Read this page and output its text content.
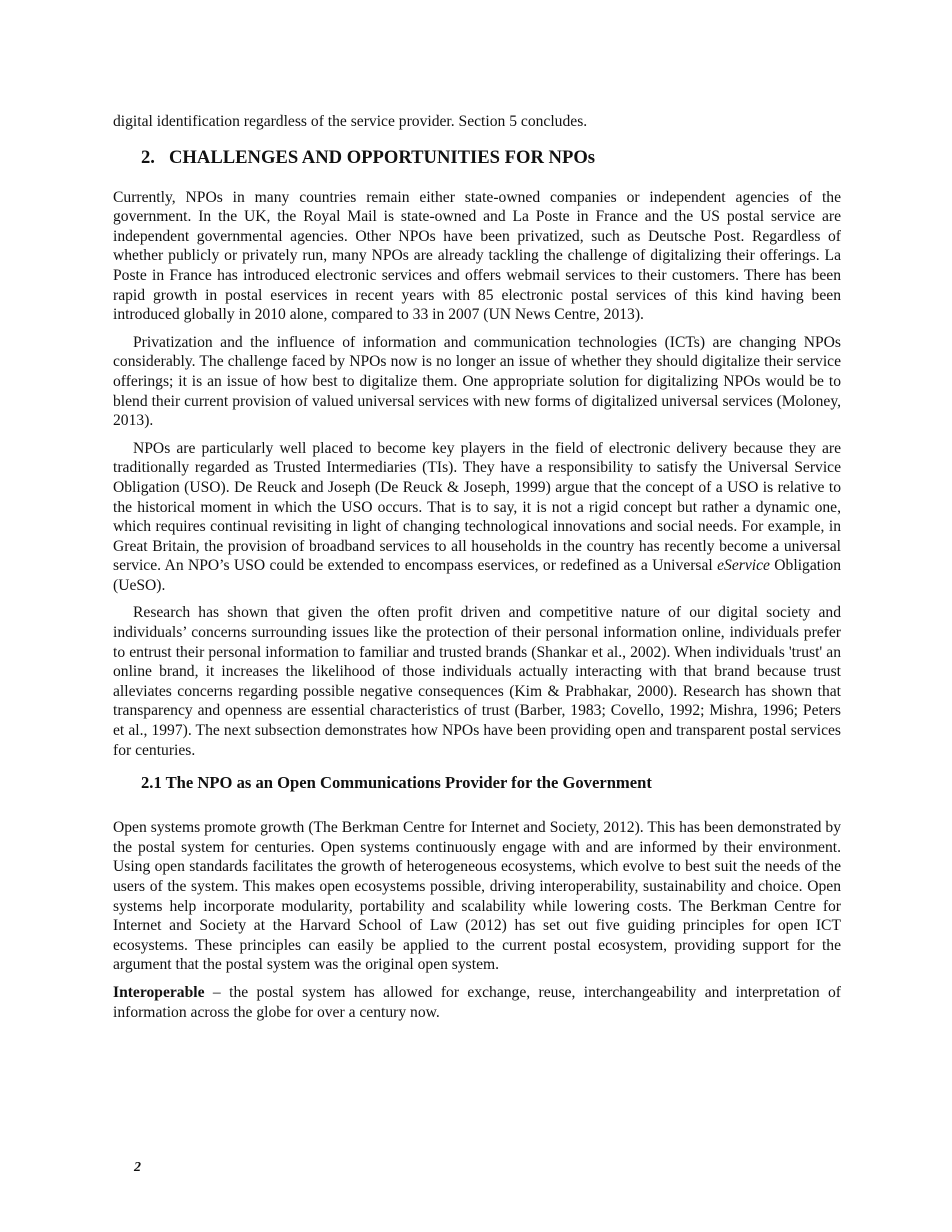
digital identification regardless of the service provider. Section 5 concludes.

2. CHALLENGES AND OPPORTUNITIES FOR NPOs

Currently, NPOs in many countries remain either state-owned companies or independent agencies of the government. In the UK, the Royal Mail is state-owned and La Poste in France and the US postal service are independent governmental agencies. Other NPOs have been privatized, such as Deutsche Post. Regardless of whether publicly or privately run, many NPOs are already tackling the challenge of digitalizing their offerings. La Poste in France has introduced electronic services and offers webmail services to their customers. There has been rapid growth in postal eservices in recent years with 85 electronic postal services of this kind having been introduced globally in 2010 alone, compared to 33 in 2007 (UN News Centre, 2013).

Privatization and the influence of information and communication technologies (ICTs) are changing NPOs considerably. The challenge faced by NPOs now is no longer an issue of whether they should digitalize their service offerings; it is an issue of how best to digitalize them. One appropriate solution for digitalizing NPOs would be to blend their current provision of valued universal services with new forms of digitalized universal services (Moloney, 2013).

NPOs are particularly well placed to become key players in the field of electronic delivery because they are traditionally regarded as Trusted Intermediaries (TIs). They have a responsibility to satisfy the Universal Service Obligation (USO). De Reuck and Joseph (De Reuck & Joseph, 1999) argue that the concept of a USO is relative to the historical moment in which the USO occurs. That is to say, it is not a rigid concept but rather a dynamic one, which requires continual revisiting in light of changing technological innovations and social needs. For example, in Great Britain, the provision of broadband services to all households in the country has recently become a universal service. An NPO’s USO could be extended to encompass eservices, or redefined as a Universal eService Obligation (UeSO).

Research has shown that given the often profit driven and competitive nature of our digital society and individuals’ concerns surrounding issues like the protection of their personal information online, individuals prefer to entrust their personal information to familiar and trusted brands (Shankar et al., 2002). When individuals 'trust' an online brand, it increases the likelihood of those individuals actually interacting with that brand because trust alleviates concerns regarding possible negative consequences (Kim & Prabhakar, 2000). Research has shown that transparency and openness are essential characteristics of trust (Barber, 1983; Covello, 1992; Mishra, 1996; Peters et al., 1997). The next subsection demonstrates how NPOs have been providing open and transparent postal services for centuries.

2.1 The NPO as an Open Communications Provider for the Government

Open systems promote growth (The Berkman Centre for Internet and Society, 2012). This has been demonstrated by the postal system for centuries. Open systems continuously engage with and are informed by their environment. Using open standards facilitates the growth of heterogeneous ecosystems, which evolve to best suit the needs of the users of the system. This makes open ecosystems possible, driving interoperability, sustainability and choice. Open systems help incorporate modularity, portability and scalability while lowering costs. The Berkman Centre for Internet and Society at the Harvard School of Law (2012) has set out five guiding principles for open ICT ecosystems. These principles can easily be applied to the current postal ecosystem, providing support for the argument that the postal system was the original open system.

Interoperable – the postal system has allowed for exchange, reuse, interchangeability and interpretation of information across the globe for over a century now.

2
